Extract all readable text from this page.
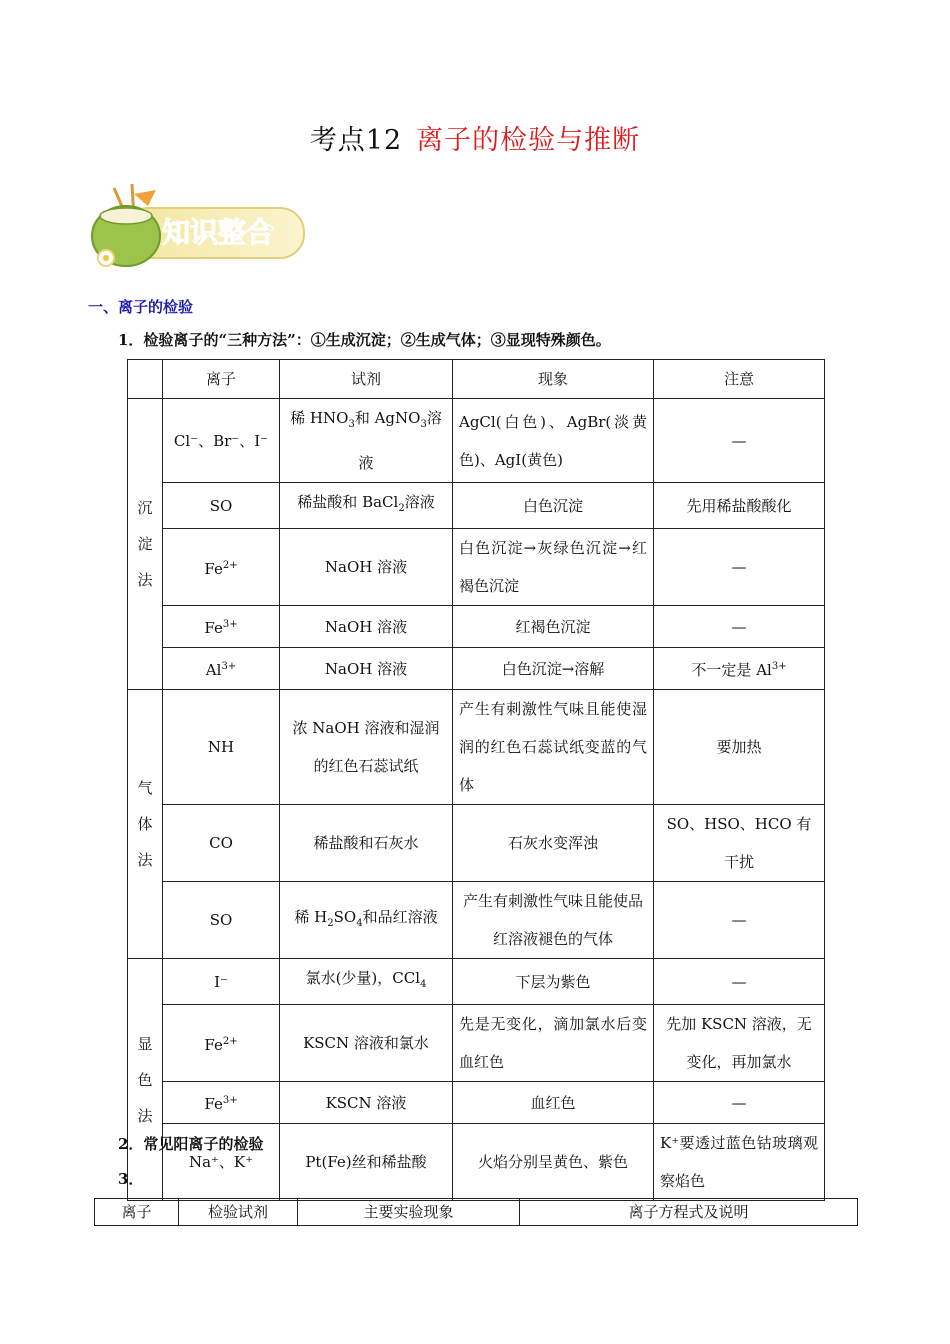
考点12 离子的检验与推断
知识整合
一、离子的检验
1．检验离子的“三种方法”：①生成沉淀；②生成气体；③显现特殊颜色。
	离子	试剂	现象	注意

沉
淀
法	Cl⁻、Br⁻、I⁻	稀 $HNO_3$和 AgNO$_3$溶液	AgCl(白色)、AgBr(淡黄色)、AgI(黄色)	—
	SO	稀盐酸和 BaCl$_2$溶液	白色沉淀	先用稀盐酸酸化
	$Fe^{2+}$	NaOH 溶液	白色沉淀→灰绿色沉淀→红褐色沉淀	—
	$Fe^{3+}$	NaOH 溶液	红褐色沉淀	—
	$Al^{3+}$	NaOH 溶液	白色沉淀→溶解	不一定是 $Al^{3+}$

气
体
法	NH	浓 NaOH 溶液和湿润的红色石蕊试纸	产生有刺激性气味且能使湿润的红色石蕊试纸变蓝的气体	要加热
	CO	稀盐酸和石灰水	石灰水变浑浊	SO、HSO、HCO 有干扰
	SO	稀 $H_2SO_4$和品红溶液	产生有刺激性气味且能使品红溶液褪色的气体	—

显
色
法	I⁻	氯水(少量)，CCl$_4$	下层为紫色	—
	$Fe^{2+}$	KSCN 溶液和氯水	先是无变化，滴加氯水后变血红色	先加 KSCN 溶液，无变化，再加氯水
	$Fe^{3+}$	KSCN 溶液	血红色	—
	Na⁺、K⁺	Pt(Fe)丝和稀盐酸	火焰分别呈黄色、紫色	K⁺要透过蓝色钴玻璃观察焰色
2．常见阳离子的检验
3．
离子	检验试剂	主要实验现象	离子方程式及说明
